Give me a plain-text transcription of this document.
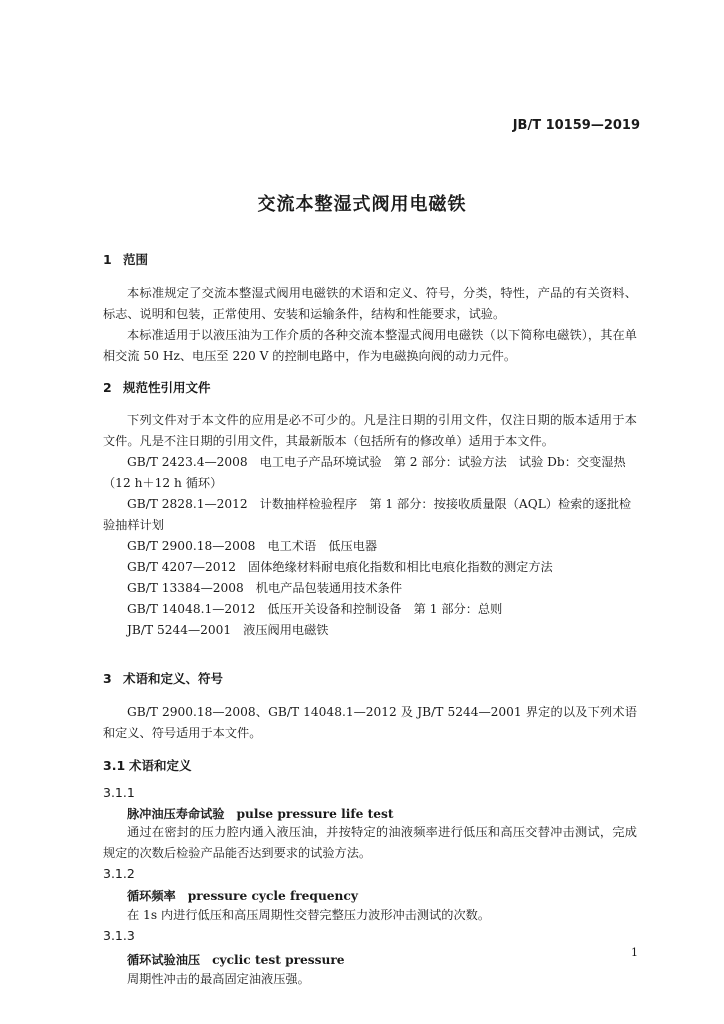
JB/T 10159—2019
交流本整湿式阀用电磁铁
1 范围
本标准规定了交流本整湿式阀用电磁铁的术语和定义、符号，分类，特性，产品的有关资料、标志、说明和包装，正常使用、安装和运输条件，结构和性能要求，试验。
本标准适用于以液压油为工作介质的各种交流本整湿式阀用电磁铁（以下简称电磁铁），其在单相交流 50 Hz、电压至 220 V 的控制电路中，作为电磁换向阀的动力元件。
2 规范性引用文件
下列文件对于本文件的应用是必不可少的。凡是注日期的引用文件，仅注日期的版本适用于本文件。凡是不注日期的引用文件，其最新版本（包括所有的修改单）适用于本文件。
GB/T 2423.4—2008 电工电子产品环境试验　第 2 部分：试验方法　试验 Db：交变湿热（12 h＋12 h 循环）
GB/T 2828.1—2012 计数抽样检验程序　第 1 部分：按接收质量限（AQL）检索的逐批检验抽样计划
GB/T 2900.18—2008 电工术语　低压电器
GB/T 4207—2012 固体绝缘材料耐电痕化指数和相比电痕化指数的测定方法
GB/T 13384—2008 机电产品包装通用技术条件
GB/T 14048.1—2012 低压开关设备和控制设备　第 1 部分：总则
JB/T 5244—2001 液压阀用电磁铁
3 术语和定义、符号
GB/T 2900.18—2008、GB/T 14048.1—2012 及 JB/T 5244—2001 界定的以及下列术语和定义、符号适用于本文件。
3.1 术语和定义
3.1.1
脉冲油压寿命试验 pulse pressure life test
通过在密封的压力腔内通入液压油，并按特定的油液频率进行低压和高压交替冲击测试，完成规定的次数后检验产品能否达到要求的试验方法。
3.1.2
循环频率 pressure cycle frequency
在 1s 内进行低压和高压周期性交替完整压力波形冲击测试的次数。
3.1.3
循环试验油压 cyclic test pressure
周期性冲击的最高固定油液压强。
1
